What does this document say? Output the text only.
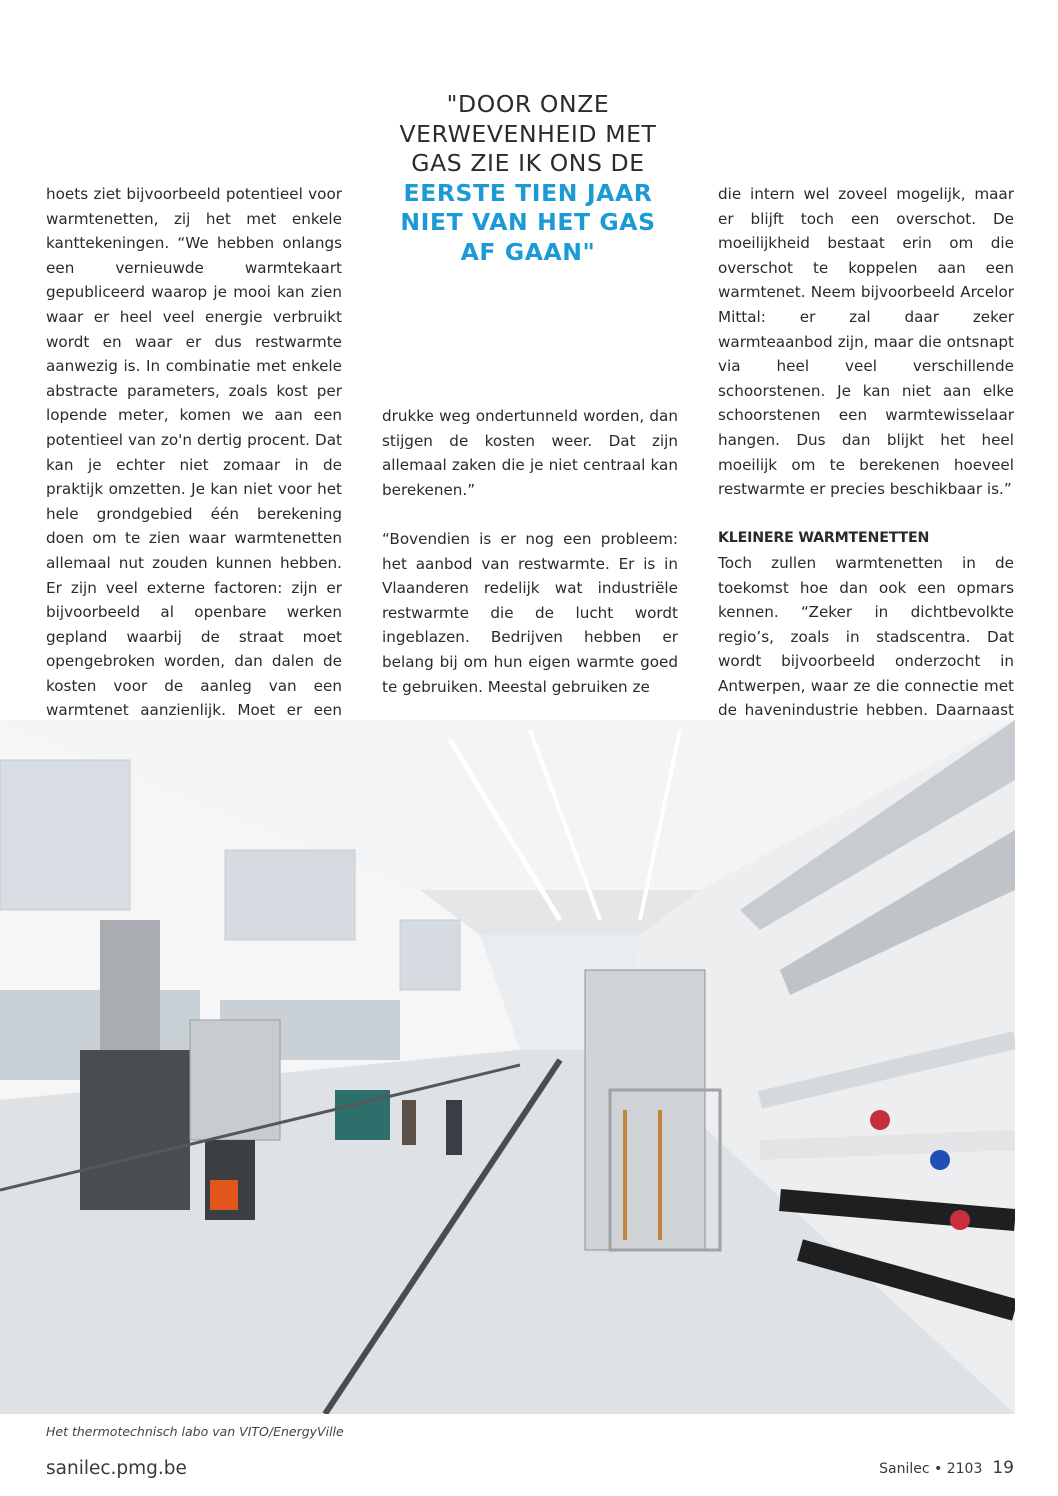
"DOOR ONZE
VERWEVENHEID MET
GAS ZIE IK ONS DE
EERSTE TIEN JAAR
NIET VAN HET GAS
AF GAAN"

hoets ziet bijvoorbeeld potentieel voor warmtenetten, zij het met enkele kanttekeningen. “We hebben onlangs een vernieuwde warmtekaart gepubliceerd waarop je mooi kan zien waar er heel veel energie verbruikt wordt en waar er dus restwarmte aanwezig is. In combinatie met enkele abstracte parameters, zoals kost per lopende meter, komen we aan een potentieel van zo'n dertig procent. Dat kan je echter niet zomaar in de praktijk omzetten. Je kan niet voor het hele grondgebied één berekening doen om te zien waar warmtenetten allemaal nut zouden kunnen hebben. Er zijn veel externe factoren: zijn er bijvoorbeeld al openbare werken gepland waarbij de straat moet opengebroken worden, dan dalen de kosten voor de aanleg van een warmtenet aanzienlijk. Moet er een

drukke weg ondertunneld worden, dan stijgen de kosten weer. Dat zijn allemaal zaken die je niet centraal kan berekenen.”

“Bovendien is er nog een probleem: het aanbod van restwarmte. Er is in Vlaanderen redelijk wat industriële restwarmte die de lucht wordt ingeblazen. Bedrijven hebben er belang bij om hun eigen warmte goed te gebruiken. Meestal gebruiken ze

die intern wel zoveel mogelijk, maar er blijft toch een overschot. De moeilijkheid bestaat erin om die overschot te koppelen aan een warmtenet. Neem bijvoorbeeld Arcelor Mittal: er zal daar zeker warmteaanbod zijn, maar die ontsnapt via heel veel verschillende schoorstenen. Je kan niet aan elke schoorstenen een warmtewisselaar hangen. Dus dan blijkt het heel moeilijk om te berekenen hoeveel restwarmte er precies beschikbaar is.”

KLEINERE WARMTENETTEN

Toch zullen warmtenetten in de toekomst hoe dan ook een opmars kennen. “Zeker in dichtbevolkte regio’s, zoals in stadscentra. Dat wordt bijvoorbeeld onderzocht in Antwerpen, waar ze die connectie met de havenindustrie hebben. Daarnaast

Het thermotechnisch labo van VITO/EnergyVille
sanilec.pmg.be	Sanilec • 2103 19
